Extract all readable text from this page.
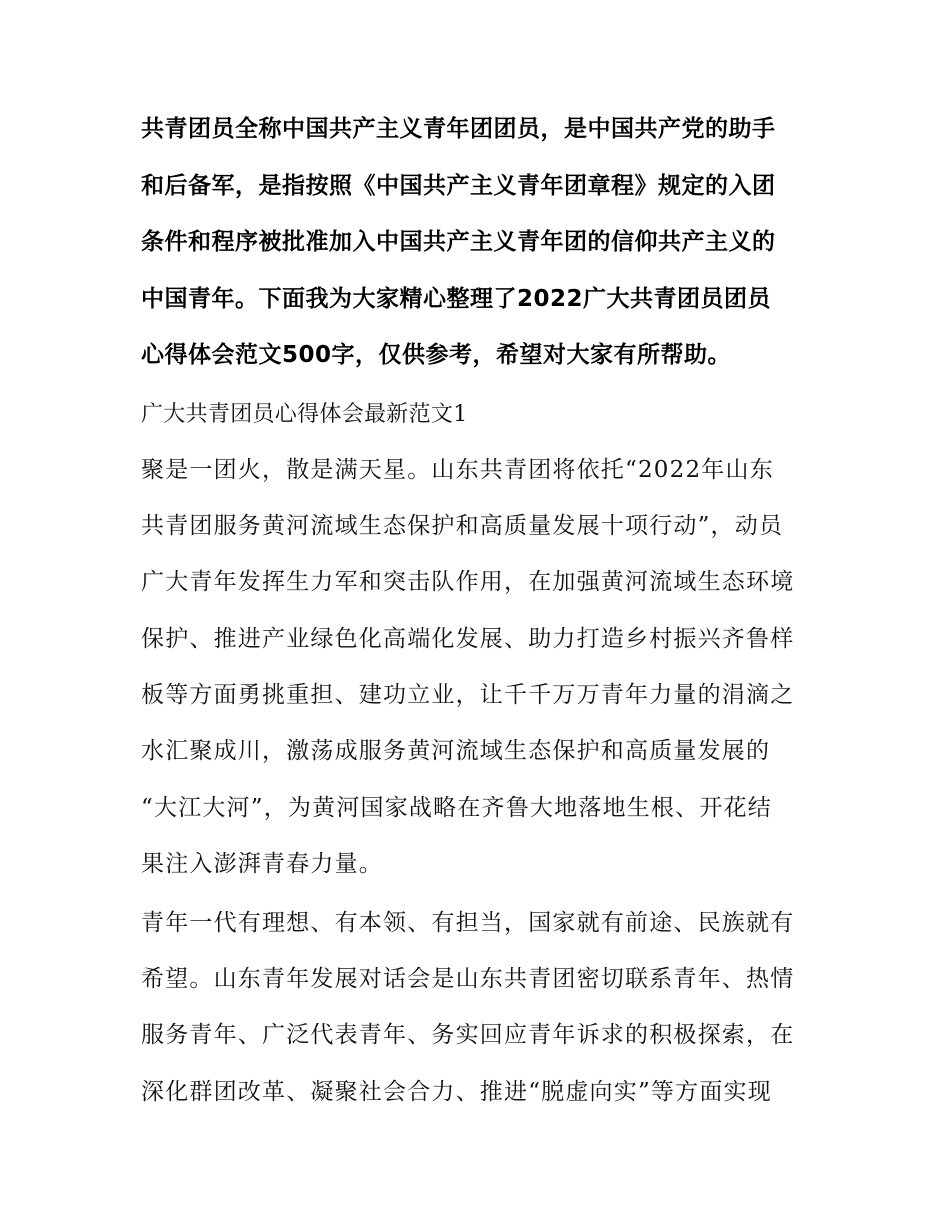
共青团员全称中国共产主义青年团团员，是中国共产党的助手
和后备军，是指按照《中国共产主义青年团章程》规定的入团
条件和程序被批准加入中国共产主义青年团的信仰共产主义的
中国青年。下面我为大家精心整理了2022广大共青团员团员
心得体会范文500字，仅供参考，希望对大家有所帮助。
广大共青团员心得体会最新范文1
聚是一团火，散是满天星。山东共青团将依托“2022年山东
共青团服务黄河流域生态保护和高质量发展十项行动”，动员
广大青年发挥生力军和突击队作用，在加强黄河流域生态环境
保护、推进产业绿色化高端化发展、助力打造乡村振兴齐鲁样
板等方面勇挑重担、建功立业，让千千万万青年力量的涓滴之
水汇聚成川，激荡成服务黄河流域生态保护和高质量发展的
“大江大河”，为黄河国家战略在齐鲁大地落地生根、开花结
果注入澎湃青春力量。
青年一代有理想、有本领、有担当，国家就有前途、民族就有
希望。山东青年发展对话会是山东共青团密切联系青年、热情
服务青年、广泛代表青年、务实回应青年诉求的积极探索，在
深化群团改革、凝聚社会合力、推进“脱虚向实”等方面实现
